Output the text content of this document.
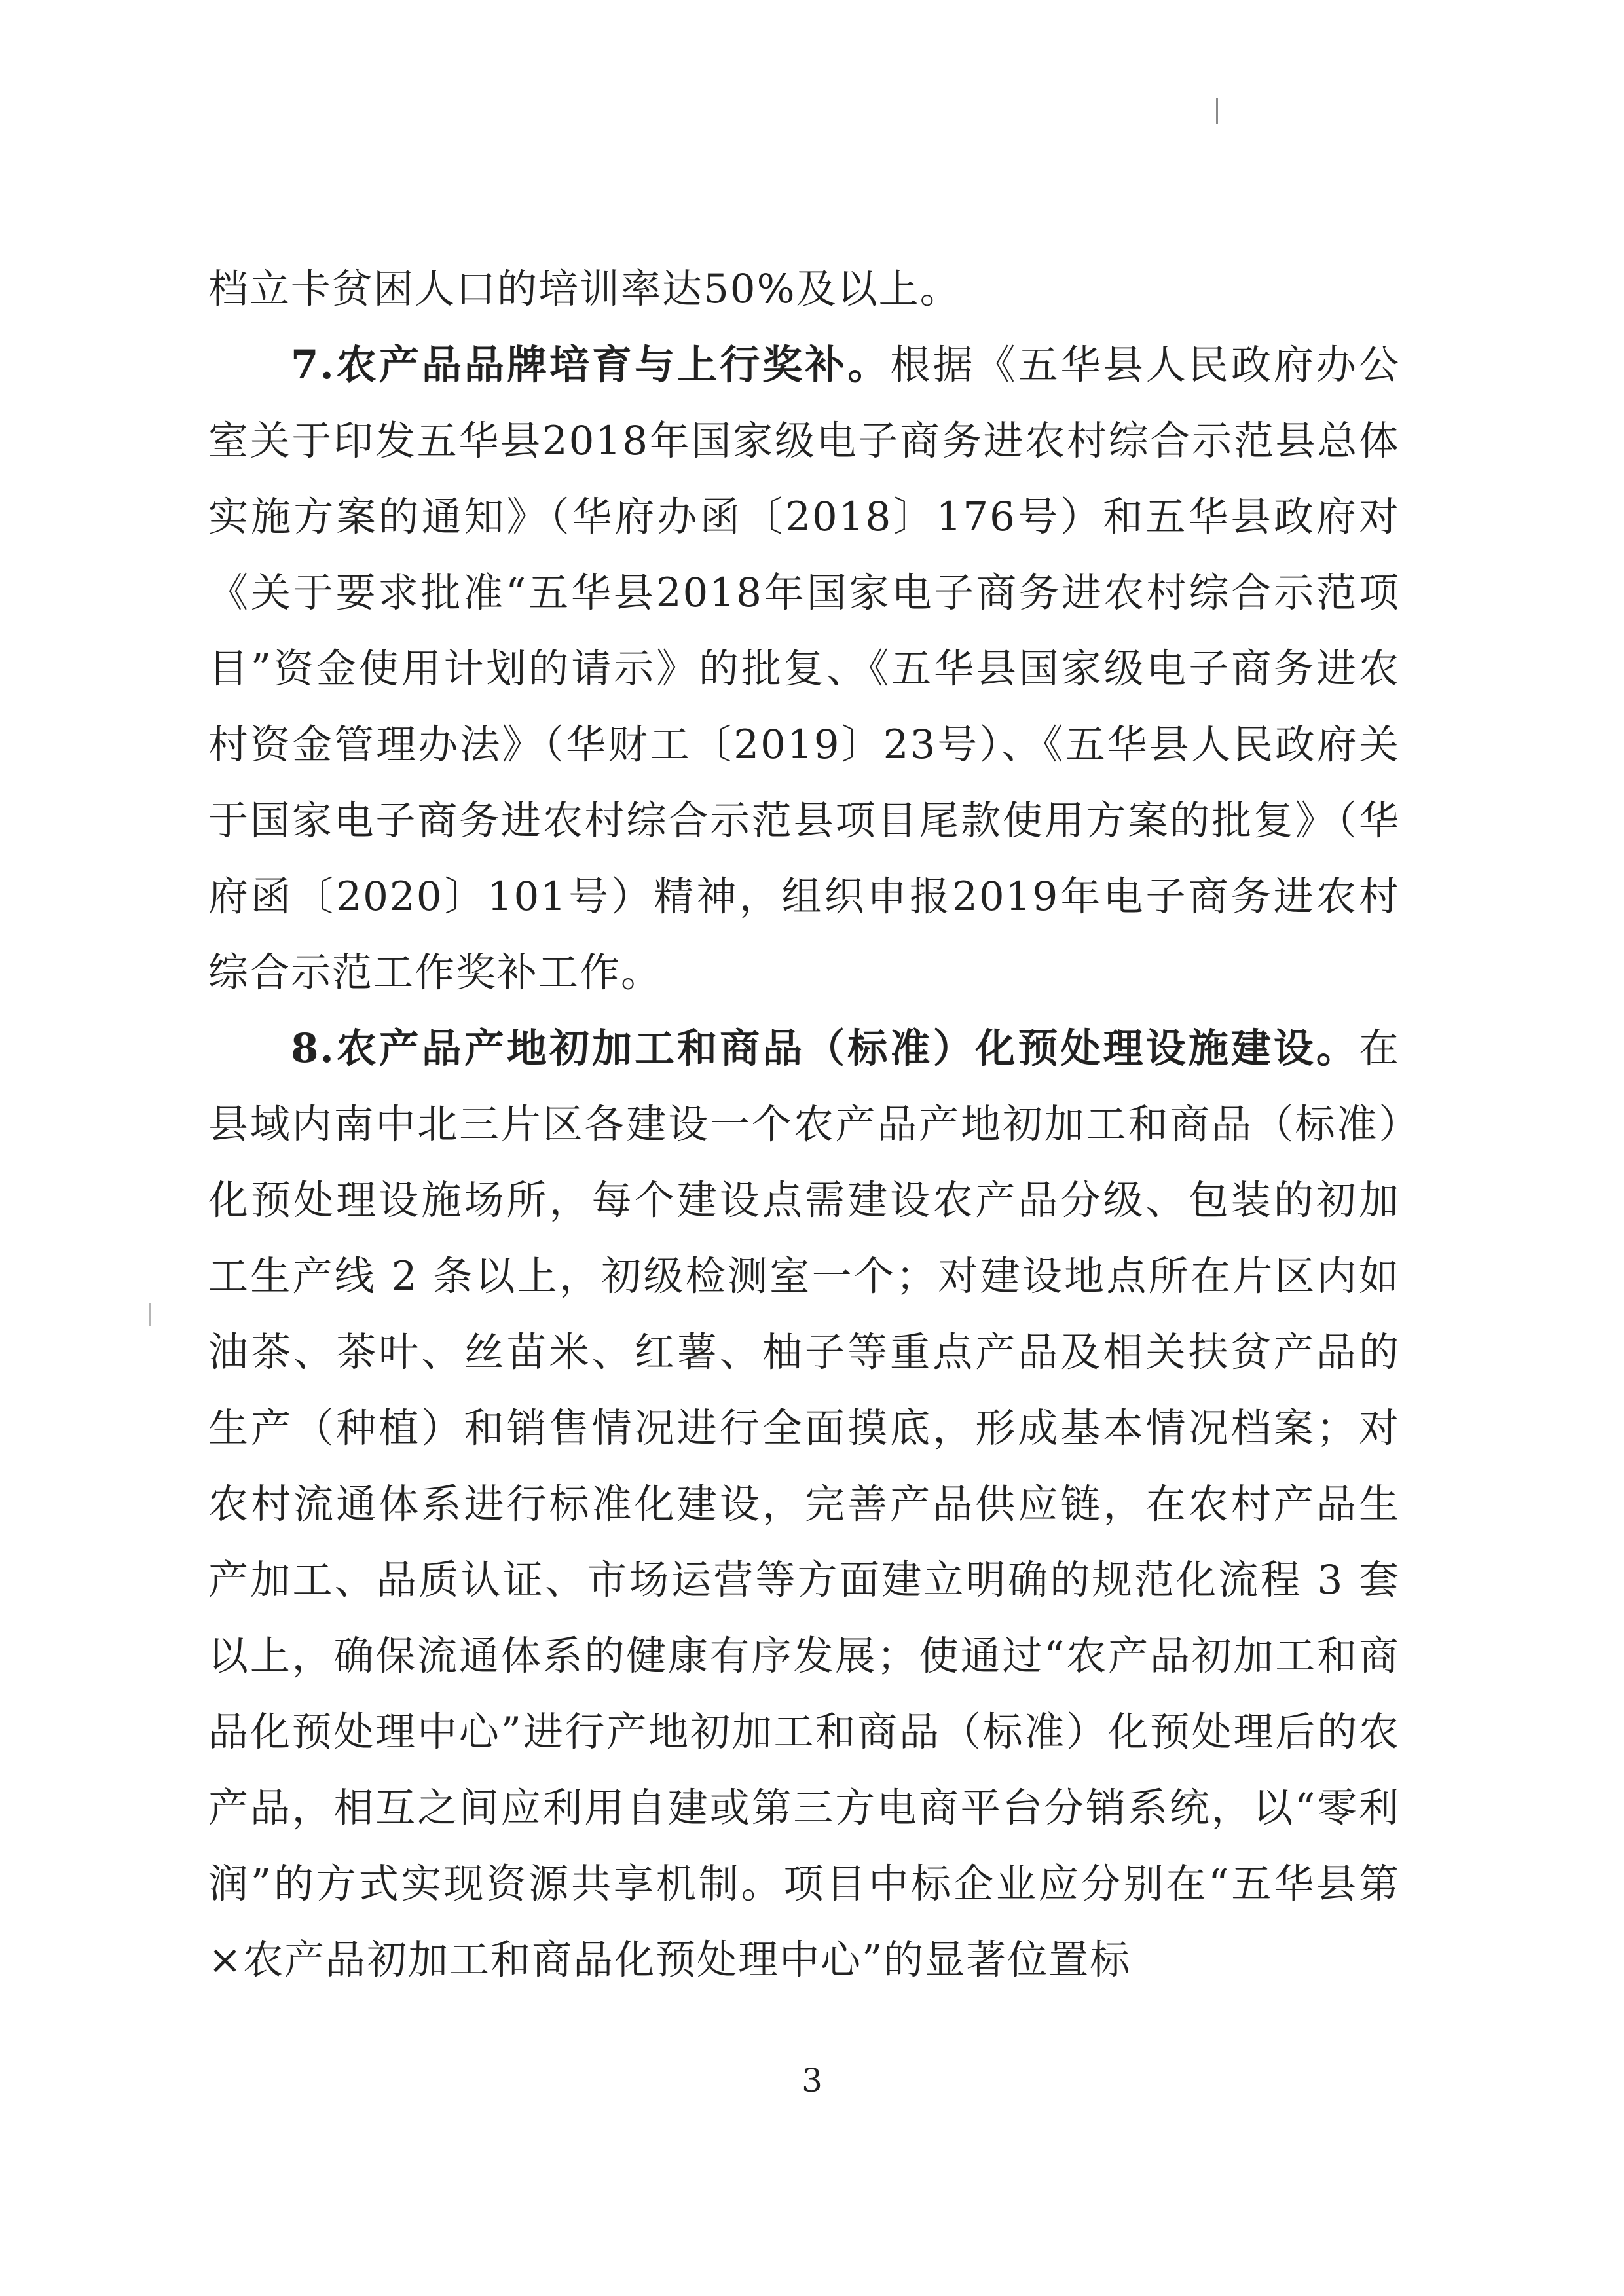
档立卡贫困人口的培训率达50%及以上。

7.农产品品牌培育与上行奖补。根据《五华县人民政府办公室关于印发五华县2018年国家级电子商务进农村综合示范县总体实施方案的通知》（华府办函〔2018〕176号）和五华县政府对《关于要求批准“五华县2018年国家电子商务进农村综合示范项目”资金使用计划的请示》的批复、《五华县国家级电子商务进农村资金管理办法》（华财工〔2019〕23号）、《五华县人民政府关于国家电子商务进农村综合示范县项目尾款使用方案的批复》（华府函〔2020〕101号）精神，组织申报2019年电子商务进农村综合示范工作奖补工作。

8.农产品产地初加工和商品（标准）化预处理设施建设。在县域内南中北三片区各建设一个农产品产地初加工和商品（标准）化预处理设施场所，每个建设点需建设农产品分级、包装的初加工生产线 2 条以上，初级检测室一个；对建设地点所在片区内如油茶、茶叶、丝苗米、红薯、柚子等重点产品及相关扶贫产品的生产（种植）和销售情况进行全面摸底，形成基本情况档案；对农村流通体系进行标准化建设，完善产品供应链，在农村产品生产加工、品质认证、市场运营等方面建立明确的规范化流程 3 套以上，确保流通体系的健康有序发展；使通过“农产品初加工和商品化预处理中心”进行产地初加工和商品（标准）化预处理后的农产品，相互之间应利用自建或第三方电商平台分销系统，以“零利润”的方式实现资源共享机制。项目中标企业应分别在“五华县第×农产品初加工和商品化预处理中心”的显著位置标

3
